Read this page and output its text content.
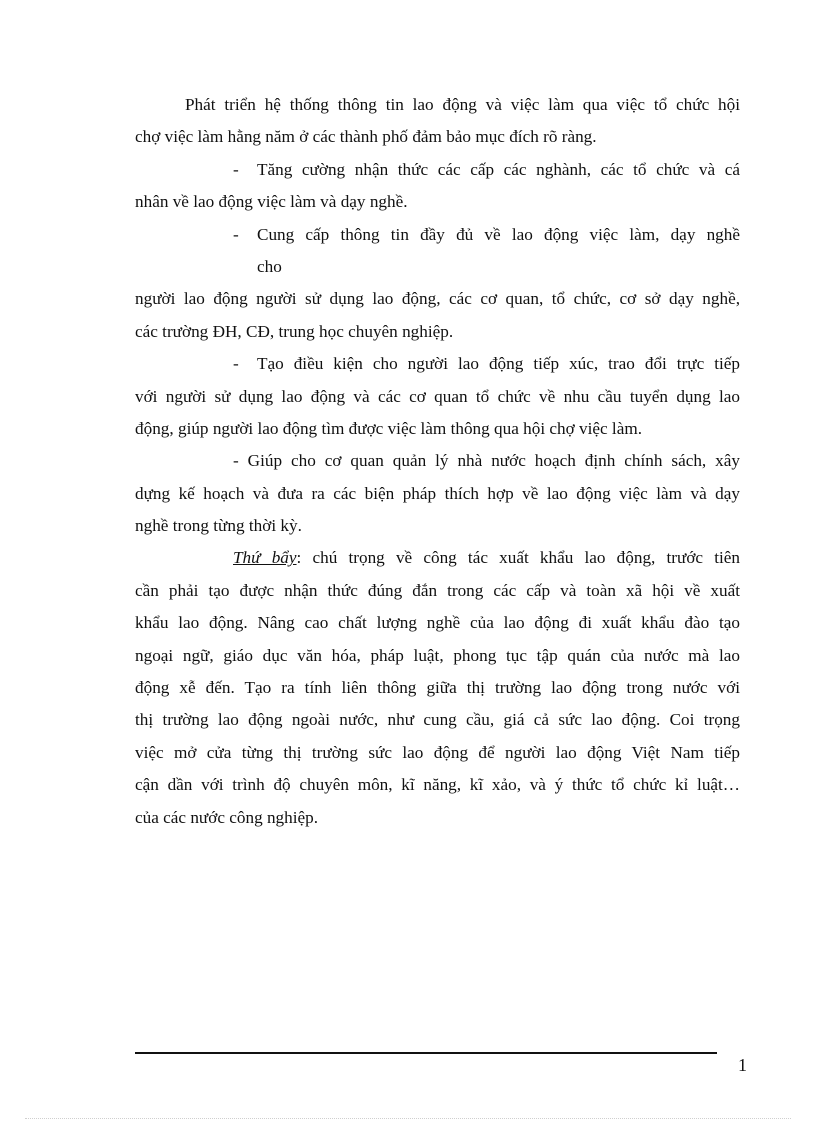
Phát triển hệ thống thông tin lao động và việc làm qua việc tổ chức hội
chợ việc làm hằng năm ở các thành phố đảm bảo mục đích rõ ràng.
- Tăng cường nhận thức các cấp các nghành, các tổ chức và cá
nhân về lao động việc làm và dạy nghề.
- Cung cấp thông tin đầy đủ về lao động việc làm, dạy nghề
cho
người lao động người sử dụng lao động, các cơ quan, tổ chức, cơ sở dạy nghề,
các trường ĐH, CĐ, trung học chuyên nghiệp.
- Tạo điều kiện cho người lao động tiếp xúc, trao đổi trực tiếp
với người sử dụng lao động và các cơ quan tổ chức về nhu cầu tuyển dụng lao
động, giúp người lao động tìm được việc làm thông qua hội chợ việc làm.
- Giúp cho cơ quan quản lý nhà nước hoạch định chính sách, xây
dựng kế hoạch và đưa ra các biện pháp thích hợp về lao động việc làm và dạy
nghề trong từng thời kỳ.
Thứ bẩy: chú trọng về công tác xuất khẩu lao động, trước tiên
cần phải tạo được nhận thức đúng đắn trong các cấp và toàn xã hội về xuất
khẩu lao động. Nâng cao chất lượng nghề của lao động đi xuất khẩu đào tạo
ngoại ngữ, giáo dục văn hóa, pháp luật, phong tục tập quán của nước mà lao
động xễ đến. Tạo ra tính liên thông giữa thị trường lao động trong nước với
thị trường lao động ngoài nước, như cung cầu, giá cả sức lao động. Coi trọng
việc mở cửa từng thị trường sức lao động để người lao động Việt Nam tiếp
cận dần với trình độ chuyên môn, kĩ năng, kĩ xảo, và ý thức tổ chức kỉ luật…
của các nước công nghiệp.
1
